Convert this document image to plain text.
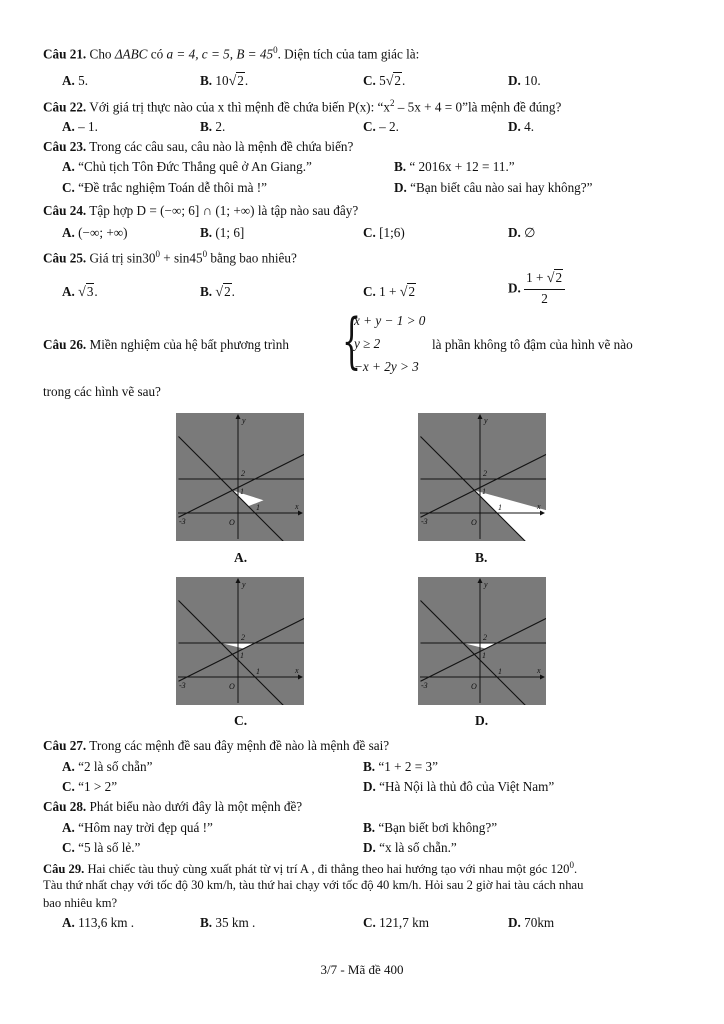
Câu 21. Cho ΔABC có a = 4, c = 5, $B = 45^0$. Diện tích của tam giác là:
A. 5.	B. 10√2.	C. 5√2.	D. 10.
Câu 22. Với giá trị thực nào của x thì mệnh đề chứa biến P(x): “$x^2 - 5x + 4$ = 0”là mệnh đề đúng?
A. – 1.	B. 2.	C. – 2.	D. 4.
Câu 23. Trong các câu sau, câu nào là mệnh đề chứa biến?
A. “Chủ tịch Tôn Đức Thắng quê ở An Giang.”	B. “ 2016x + 12 = 11.”
C. “Đề trắc nghiệm Toán dễ thôi mà !”	D. “Bạn biết câu nào sai hay không?”
Câu 24. Tập hợp D = (−∞; 6] ∩ (1; +∞) là tập nào sau đây?
A. (−∞; +∞)	B. (1; 6]	C. [1;6)	D. ∅
Câu 25. Giá trị $\sin 30^0 + \sin 45^0$ bằng bao nhiêu?
A. √3.	B. √2.	C. 1 + √2	D. $\frac{1 + √2}{2}$
Câu 26. Miền nghiệm của hệ bất phương trình {
x + y − 1 > 0
y ≥ 2
−x + 2y > 3
là phần không tô đậm của hình vẽ nào
trong các hình vẽ sau?
2
1
1
-3	O
x
y
A.
2
1
1
-3	O
x
y
B.
2
1
1
-3	O
x
y
C.
2
1
1
-3	O
x
y
D.
Câu 27. Trong các mệnh đề sau đây mệnh đề nào là mệnh đề sai?
A. “2 là số chẵn”	B. “1 + 2 = 3”
C. “1 > 2”	D. “Hà Nội là thủ đô của Việt Nam”
Câu 28. Phát biểu nào dưới đây là một mệnh đề?
A. “Hôm nay trời đẹp quá !”	B. “Bạn biết bơi không?”
C. “5 là số lẻ.”	D. “x là số chẵn.”
Câu 29. Hai chiếc tàu thuỷ cùng xuất phát từ vị trí A , đi thẳng theo hai hướng tạo với nhau một góc $120^0$.
Tàu thứ nhất chạy với tốc độ 30 km/h, tàu thứ hai chạy với tốc độ 40 km/h. Hỏi sau 2 giờ hai tàu cách nhau
bao nhiêu km?
A. 113,6 km .	B. 35 km .	C. 121,7 km	D. 70km
3/7 - Mã đề 400
